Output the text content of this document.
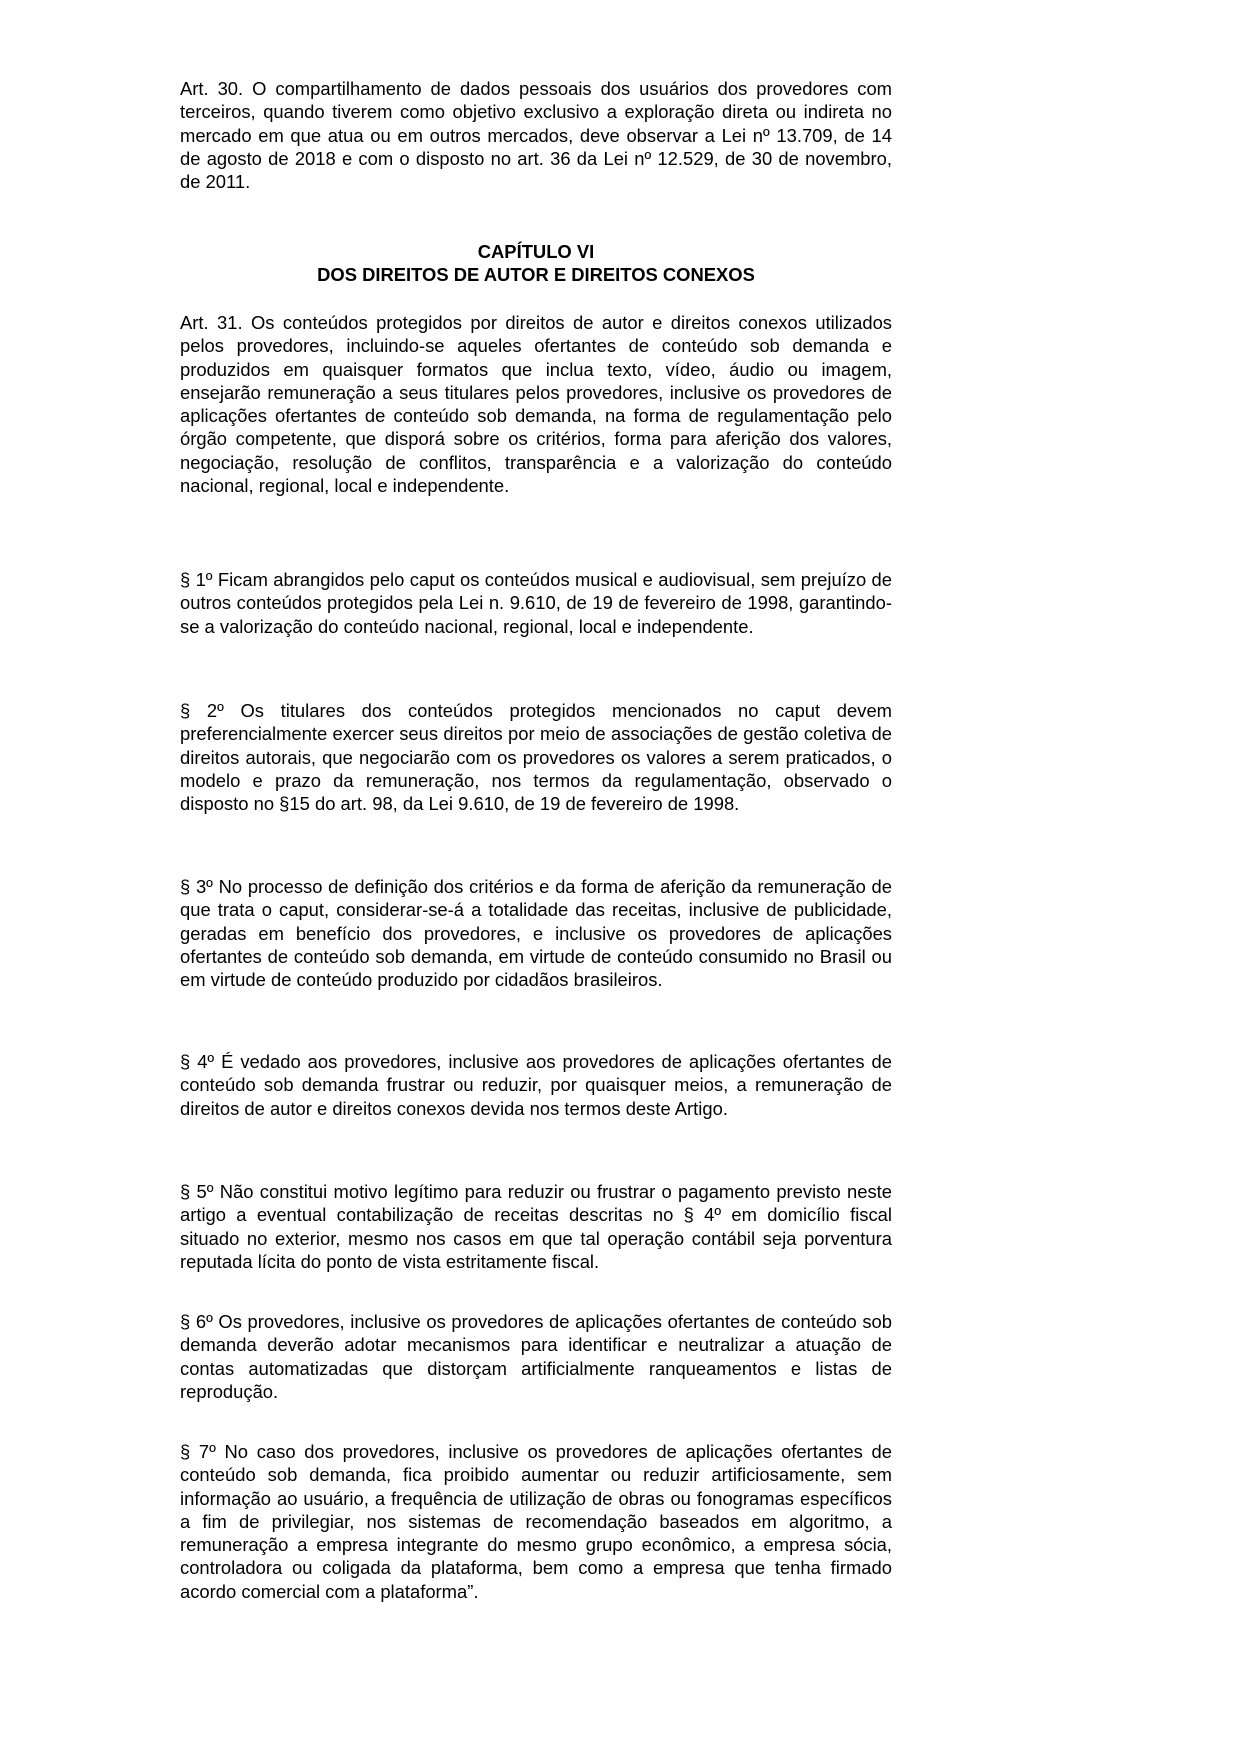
Art. 30. O compartilhamento de dados pessoais dos usuários dos provedores com terceiros, quando tiverem como objetivo exclusivo a exploração direta ou indireta no mercado em que atua ou em outros mercados, deve observar a Lei nº 13.709, de 14 de agosto de 2018 e com o disposto no art. 36 da Lei nº 12.529, de 30 de novembro, de 2011.

CAPÍTULO VI
DOS DIREITOS DE AUTOR E DIREITOS CONEXOS

Art. 31. Os conteúdos protegidos por direitos de autor e direitos conexos utilizados pelos provedores, incluindo-se aqueles ofertantes de conteúdo sob demanda e produzidos em quaisquer formatos que inclua texto, vídeo, áudio ou imagem, ensejarão remuneração a seus titulares pelos provedores, inclusive os provedores de aplicações ofertantes de conteúdo sob demanda, na forma de regulamentação pelo órgão competente, que disporá sobre os critérios, forma para aferição dos valores, negociação, resolução de conflitos, transparência e a valorização do conteúdo nacional, regional, local e independente.

§ 1º Ficam abrangidos pelo caput os conteúdos musical e audiovisual, sem prejuízo de outros conteúdos protegidos pela Lei n. 9.610, de 19 de fevereiro de 1998, garantindo-se a valorização do conteúdo nacional, regional, local e independente.

§ 2º Os titulares dos conteúdos protegidos mencionados no caput devem preferencialmente exercer seus direitos por meio de associações de gestão coletiva de direitos autorais, que negociarão com os provedores os valores a serem praticados, o modelo e prazo da remuneração, nos termos da regulamentação, observado o disposto no §15 do art. 98, da Lei 9.610, de 19 de fevereiro de 1998.

§ 3º No processo de definição dos critérios e da forma de aferição da remuneração de que trata o caput, considerar-se-á a totalidade das receitas, inclusive de publicidade, geradas em benefício dos provedores, e inclusive os provedores de aplicações ofertantes de conteúdo sob demanda, em virtude de conteúdo consumido no Brasil ou em virtude de conteúdo produzido por cidadãos brasileiros.

§ 4º É vedado aos provedores, inclusive aos provedores de aplicações ofertantes de conteúdo sob demanda frustrar ou reduzir, por quaisquer meios, a remuneração de direitos de autor e direitos conexos devida nos termos deste Artigo.

§ 5º Não constitui motivo legítimo para reduzir ou frustrar o pagamento previsto neste artigo a eventual contabilização de receitas descritas no § 4º em domicílio fiscal situado no exterior, mesmo nos casos em que tal operação contábil seja porventura reputada lícita do ponto de vista estritamente fiscal.

§ 6º Os provedores, inclusive os provedores de aplicações ofertantes de conteúdo sob demanda deverão adotar mecanismos para identificar e neutralizar a atuação de contas automatizadas que distorçam artificialmente ranqueamentos e listas de reprodução.

§ 7º No caso dos provedores, inclusive os provedores de aplicações ofertantes de conteúdo sob demanda, fica proibido aumentar ou reduzir artificiosamente, sem informação ao usuário, a frequência de utilização de obras ou fonogramas específicos a fim de privilegiar, nos sistemas de recomendação baseados em algoritmo, a remuneração a empresa integrante do mesmo grupo econômico, a empresa sócia, controladora ou coligada da plataforma, bem como a empresa que tenha firmado acordo comercial com a plataforma”.
